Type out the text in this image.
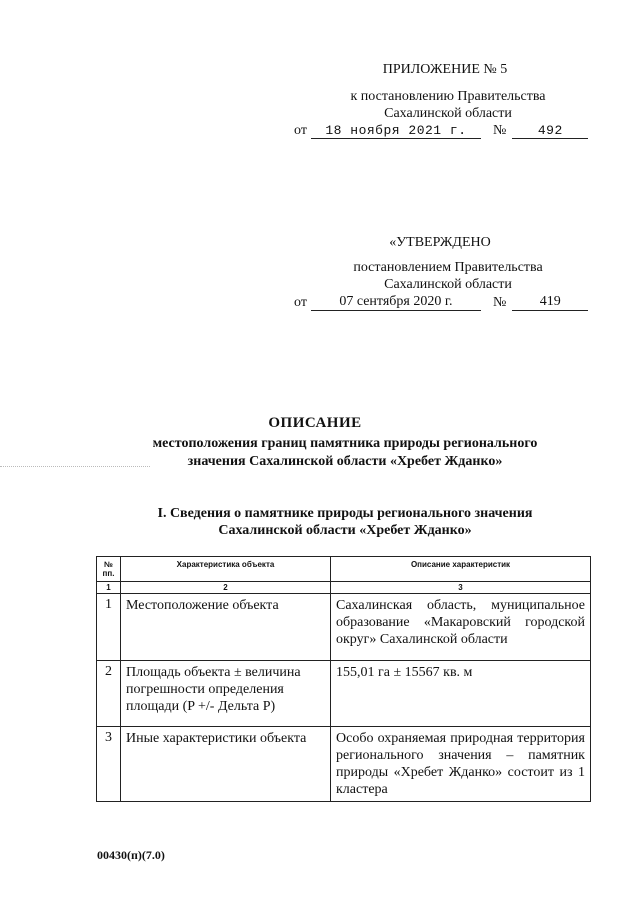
ПРИЛОЖЕНИЕ № 5
к постановлению Правительства
Сахалинской области
от	18 ноября 2021 г.	№	492
«УТВЕРЖДЕНО
постановлением Правительства
Сахалинской области
от	07 сентября 2020 г.	№	419
ОПИСАНИЕ
местоположения границ памятника природы регионального
значения Сахалинской области «Хребет Жданко»
I. Сведения о памятнике природы регионального значения
Сахалинской области «Хребет Жданко»
№ пп.	Характеристика объекта	Описание характеристик
1	2	3
1	Местоположение объекта	Сахалинская область, муниципальное образование «Макаровский городской округ» Сахалинской области
2	Площадь объекта ± величина погрешности определения площади (P +/- Дельта P)	155,01 га ± 15567 кв. м
3	Иные характеристики объекта	Особо охраняемая природная территория регионального значения – памятник природы «Хребет Жданко» состоит из 1 кластера
00430(п)(7.0)
